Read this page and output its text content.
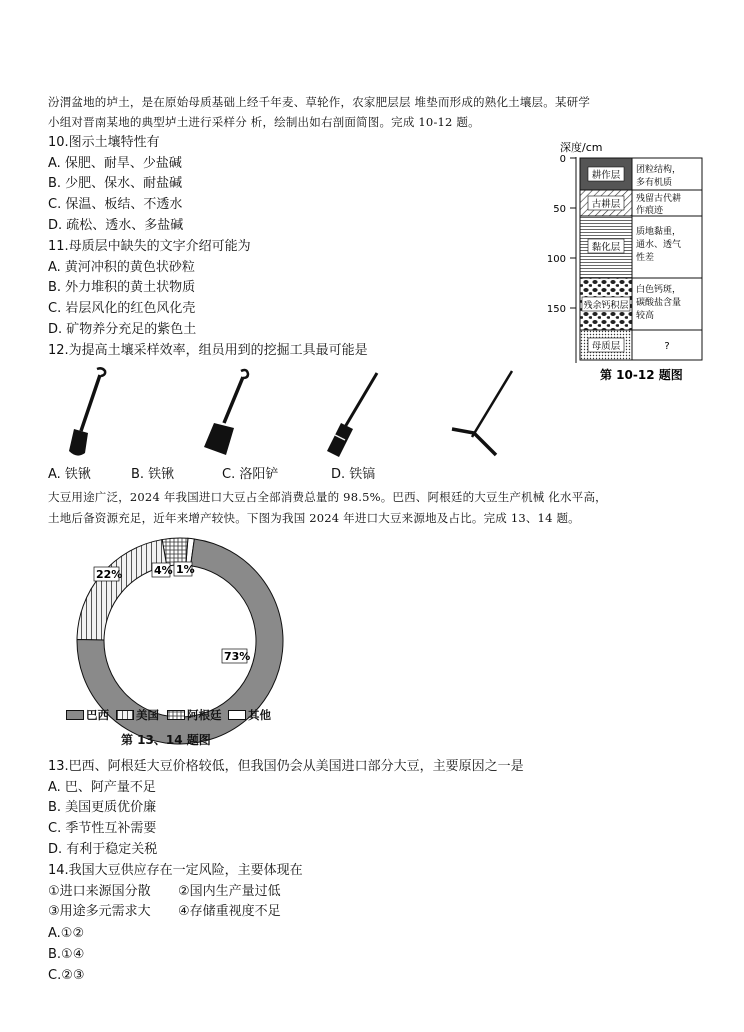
汾渭盆地的垆土，是在原始母质基础上经千年麦、草轮作，农家肥层层 堆垫而形成的熟化土壤层。某研学
小组对晋南某地的典型垆土进行采样分 析，绘制出如右剖面简图。完成 10-12 题。
10.图示土壤特性有
A. 保肥、耐旱、少盐碱
B. 少肥、保水、耐盐碱
C. 保温、板结、不透水
D. 疏松、透水、多盐碱
11.母质层中缺失的文字介绍可能为
A. 黄河冲积的黄色状砂粒
B. 外力堆积的黄土状物质
C. 岩层风化的红色风化壳
D. 矿物养分充足的紫色土
12.为提高土壤采样效率，组员用到的挖掘工具最可能是
A. 铁锹	B. 铁锹	C. 洛阳铲	D. 铁镐
大豆用途广泛，2024 年我国进口大豆占全部消费总量的 98.5%。巴西、阿根廷的大豆生产机械 化水平高，
土地后备资源充足，近年来增产较快。下图为我国 2024 年进口大豆来源地及占比。完成 13、14 题。
深度/cm
0
50
100
150
耕作层
古耕层
黏化层
残余钙积层
母质层
团粒结构，
多有机质
残留古代耕
作痕迹
质地黏重，
通水、透气
性差
白色钙斑，
碳酸盐含量
较高
?
第 10-12 题图
73%
22%	4% 1%
巴西 美国 阿根廷 其他
第 13、14 题图
13.巴西、阿根廷大豆价格较低，但我国仍会从美国进口部分大豆，主要原因之一是
A. 巴、阿产量不足
B. 美国更质优价廉
C. 季节性互补需要
D. 有利于稳定关税
14.我国大豆供应存在一定风险，主要体现在
①进口来源国分散 ②国内生产量过低
③用途多元需求大 ④存储重视度不足
A.①②
B.①④
C.②③
